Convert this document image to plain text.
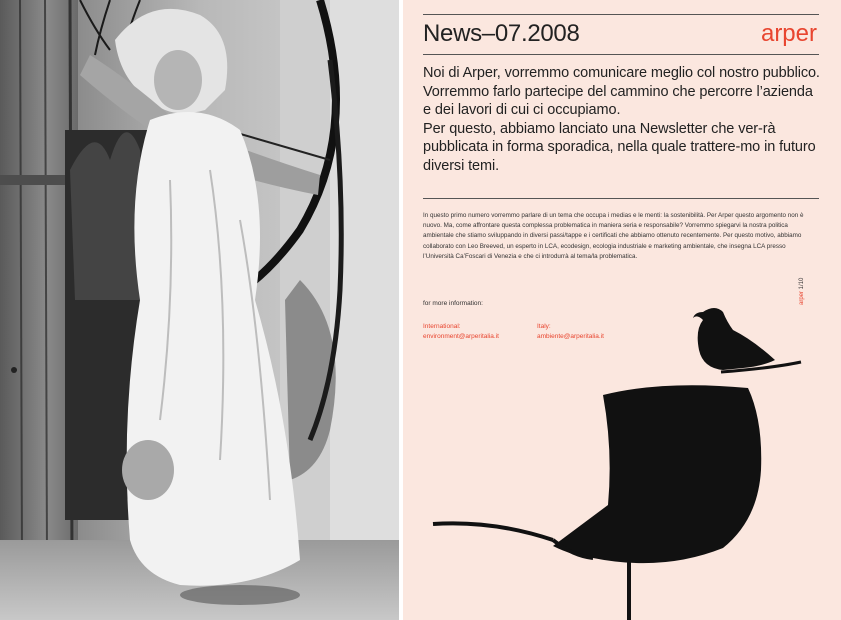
News–07.2008	arper

Noi di Arper, vorremmo comunicare meglio col nostro pubblico. Vorremmo farlo partecipe del cammino che percorre l’azienda e dei lavori di cui ci occupiamo.

Per questo, abbiamo lanciato una Newsletter che ver-rà pubblicata in forma sporadica, nella quale trattere-mo in futuro diversi temi.

In questo primo numero vorremmo parlare di un tema che occupa i medias e le menti: la sostenibilità. Per Arper questo argomento non è nuovo. Ma, come affrontare questa complessa problematica in maniera seria e responsabile? Vorremmo spiegarvi la nostra politica ambientale che stiamo sviluppando in diversi passi/tappe e i certificati che abbiamo ottenuto recentemente. Per questo motivo, abbiamo collaborato con Leo Breeved, un esperto in LCA, ecodesign, ecologia industriale e marketing ambientale, che insegna LCA presso l’Università Ca’Foscari di Venezia e che ci introdurrà al tema/la problematica.

for more information:
International:
environment@arperitalia.it
Italy:
ambiente@arperitalia.it
arper 1/10
